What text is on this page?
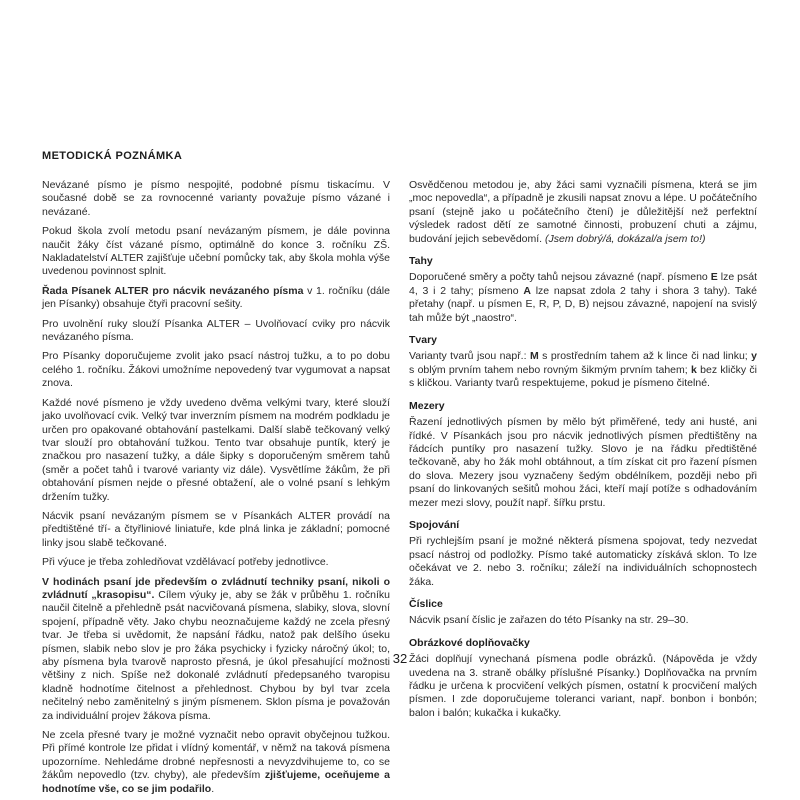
METODICKÁ POZNÁMKA
Nevázané písmo je písmo nespojité, podobné písmu tiskacímu. V současné době se za rovnocenné varianty považuje písmo vázané i nevázané.
Pokud škola zvolí metodu psaní nevázaným písmem, je dále povinna naučit žáky číst vázané písmo, optimálně do konce 3. ročníku ZŠ. Nakladatelství ALTER zajišťuje učební pomůcky tak, aby škola mohla výše uvedenou povinnost splnit.
Řada Písanek ALTER pro nácvik nevázaného písma v 1. ročníku (dále jen Písanky) obsahuje čtyři pracovní sešity.
Pro uvolnění ruky slouží Písanka ALTER – Uvolňovací cviky pro nácvik nevázaného písma.
Pro Písanky doporučujeme zvolit jako psací nástroj tužku, a to po dobu celého 1. ročníku. Žákovi umožníme nepovedený tvar vygumovat a napsat znova.
Každé nové písmeno je vždy uvedeno dvěma velkými tvary, které slouží jako uvolňovací cvik. Velký tvar inverzním písmem na modrém podkladu je určen pro opakované obtahování pastelkami. Další slabě tečkovaný velký tvar slouží pro obtahování tužkou. Tento tvar obsahuje puntík, který je značkou pro nasazení tužky, a dále šipky s doporučeným směrem tahů (směr a počet tahů i tvarové varianty viz dále). Vysvětlíme žákům, že při obtahování písmen nejde o přesné obtažení, ale o volné psaní s lehkým držením tužky.
Nácvik psaní nevázaným písmem se v Písankách ALTER provádí na předtištěné tří- a čtyřliniové liniatuře, kde plná linka je základní; pomocné linky jsou slabě tečkované.
Při výuce je třeba zohledňovat vzdělávací potřeby jednotlivce.
V hodinách psaní jde především o zvládnutí techniky psaní, nikoli o zvládnutí „krasopisu“. Cílem výuky je, aby se žák v průběhu 1. ročníku naučil čitelně a přehledně psát nacvičovaná písmena, slabiky, slova, slovní spojení, případně věty. Jako chybu neoznačujeme každý ne zcela přesný tvar. Je třeba si uvědomit, že napsání řádku, natož pak delšího úseku písmen, slabik nebo slov je pro žáka psychicky i fyzicky náročný úkol; to, aby písmena byla tvarově naprosto přesná, je úkol přesahující možnosti většiny z nich. Spíše než dokonalé zvládnutí předepsaného tvaropisu kladně hodnotíme čitelnost a přehlednost. Chybou by byl tvar zcela nečitelný nebo zaměnitelný s jiným písmenem. Sklon písma je považován za individuální projev žákova písma.
Ne zcela přesné tvary je možné vyznačit nebo opravit obyčejnou tužkou. Při přímé kontrole lze přidat i vlídný komentář, v němž na taková písmena upozorníme. Nehledáme drobné nepřesnosti a nevyzdvihujeme to, co se žákům nepovedlo (tzv. chyby), ale především zjišťujeme, oceňujeme a hodnotíme vše, co se jim podařilo.
Osvědčenou metodou je, aby žáci sami vyznačili písmena, která se jim „moc nepovedla“, a případně je zkusili napsat znovu a lépe. U počátečního psaní (stejně jako u počátečního čtení) je důležitější než perfektní výsledek radost dětí ze samotné činnosti, probuzení chuti a zájmu, budování jejich sebevědomí. (Jsem dobrý/á, dokázal/a jsem to!)
Tahy
Doporučené směry a počty tahů nejsou závazné (např. písmeno E lze psát 4, 3 i 2 tahy; písmeno A lze napsat zdola 2 tahy i shora 3 tahy). Také přetahy (např. u písmen E, R, P, D, B) nejsou závazné, napojení na svislý tah může být „naostro“.
Tvary
Varianty tvarů jsou např.: M s prostředním tahem až k lince či nad linku; y s oblým prvním tahem nebo rovným šikmým prvním tahem; k bez kličky či s kličkou. Varianty tvarů respektujeme, pokud je písmeno čitelné.
Mezery
Řazení jednotlivých písmen by mělo být přiměřené, tedy ani husté, ani řídké. V Písankách jsou pro nácvik jednotlivých písmen předtištěny na řádcích puntíky pro nasazení tužky. Slovo je na řádku předtištěné tečkovaně, aby ho žák mohl obtáhnout, a tím získat cit pro řazení písmen do slova. Mezery jsou vyznačeny šedým obdélníkem, později nebo při psaní do linkovaných sešitů mohou žáci, kteří mají potíže s odhadováním mezer mezi slovy, použít např. šířku prstu.
Spojování
Při rychlejším psaní je možné některá písmena spojovat, tedy nezvedat psací nástroj od podložky. Písmo také automaticky získává sklon. To lze očekávat ve 2. nebo 3. ročníku; záleží na individuálních schopnostech žáka.
Číslice
Nácvik psaní číslic je zařazen do této Písanky na str. 29–30.
Obrázkové doplňovačky
Žáci doplňují vynechaná písmena podle obrázků. (Nápověda je vždy uvedena na 3. straně obálky příslušné Písanky.) Doplňovačka na prvním řádku je určena k procvičení velkých písmen, ostatní k procvičení malých písmen. I zde doporučujeme toleranci variant, např. bonbon i bonbón; balon i balón; kukačka i kukačky.
32
